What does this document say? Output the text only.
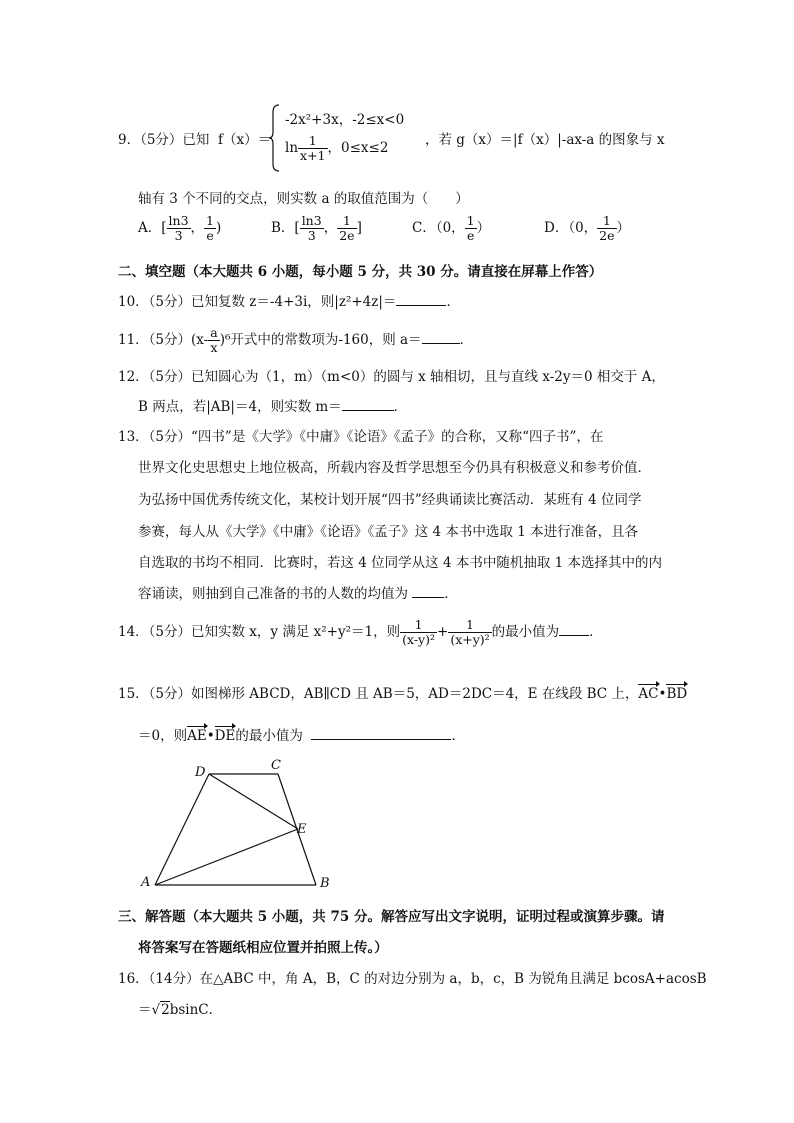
9．（5分）已知 f（x）＝
-2x²+3x，-2≤x<0
$\ln \frac{1}{x+1}$ ，0≤x≤2	，若 g（x）＝|f（x）|-ax-a 的图象与 x
轴有 3 个不同的交点，则实数 a 的取值范围为（　　）
A．[ $\frac{\ln 3}{3}$ ， $\frac{1}{e}$ )	B．[ $\frac{\ln 3}{3}$ ， $\frac{1}{2e}$ ]	C．（0， $\frac{1}{e}$ ）	D．（0， $\frac{1}{2e}$ ）
二、填空题（本大题共 6 小题，每小题 5 分，共 30 分。请直接在屏幕上作答）
10．（5分）已知复数 z＝-4+3i，则|z²+4z|＝	．
11．（5分）$(x- \frac{a}{x} )^6$开式中的常数项为-160，则 a＝	．
12．（5分）已知圆心为（1，m）（m<0）的圆与 x 轴相切，且与直线 x-2y＝0 相交于 A，
B 两点，若|AB|＝4，则实数 m＝	．
13．（5分）“四书”是《大学》《中庸》《论语》《孟子》的合称，又称“四子书”，在
世界文化史思想史上地位极高，所载内容及哲学思想至今仍具有积极意义和参考价值．
为弘扬中国优秀传统文化，某校计划开展“四书”经典诵读比赛活动．某班有 4 位同学
参赛，每人从《大学》《中庸》《论语》《孟子》这 4 本书中选取 1 本进行准备，且各
自选取的书均不相同．比赛时，若这 4 位同学从这 4 本书中随机抽取 1 本选择其中的内
容诵读，则抽到自己准备的书的人数的均值为	．
14．（5分）已知实数 x，y 满足 x²+y²＝1，则 $\frac{1}{\text{(x-y)²}} + \frac{1}{\text{(x+y)²}}$ 的最小值为 ．
15．（5分）如图梯形 ABCD，AB∥CD 且 AB＝5，AD＝2DC＝4，E 在线段 BC 上，AC•BD
＝0，则AE•DE的最小值为	．
A	B
C
D
E
三、解答题（本大题共 5 小题，共 75 分。解答应写出文字说明，证明过程或演算步骤。请
将答案写在答题纸相应位置并拍照上传。）
16．（14分）在△ABC 中，角 A，B，C 的对边分别为 a，b，c，B 为锐角且满足 bcosA+acosB
＝√2bsinC．
